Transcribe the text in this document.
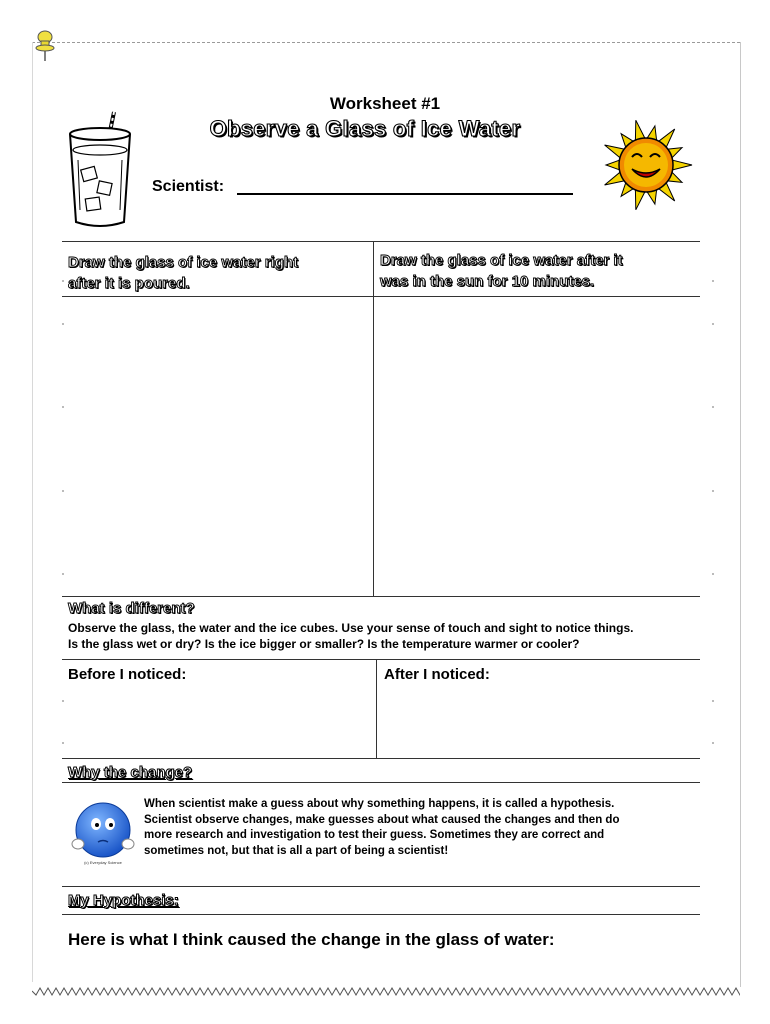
Worksheet #1
Observe a Glass of Ice Water
Scientist:
Draw the glass of ice water right
after it is poured.
Draw the glass of ice water after it
was in the sun for 10 minutes.
What is different?
Observe the glass, the water and the ice cubes. Use your sense of touch and sight to notice things.
Is the glass wet or dry? Is the ice bigger or smaller? Is the temperature warmer or cooler?
Before I noticed:	After I noticed:
Why the change?
(c) Everyday Science
When scientist make a guess about why something happens, it is called a hypothesis.
Scientist observe changes, make guesses about what caused the changes and then do
more research and investigation to test their guess. Sometimes they are correct and
sometimes not, but that is all a part of being a scientist!
My Hypothesis:
Here is what I think caused the change in the glass of water:
